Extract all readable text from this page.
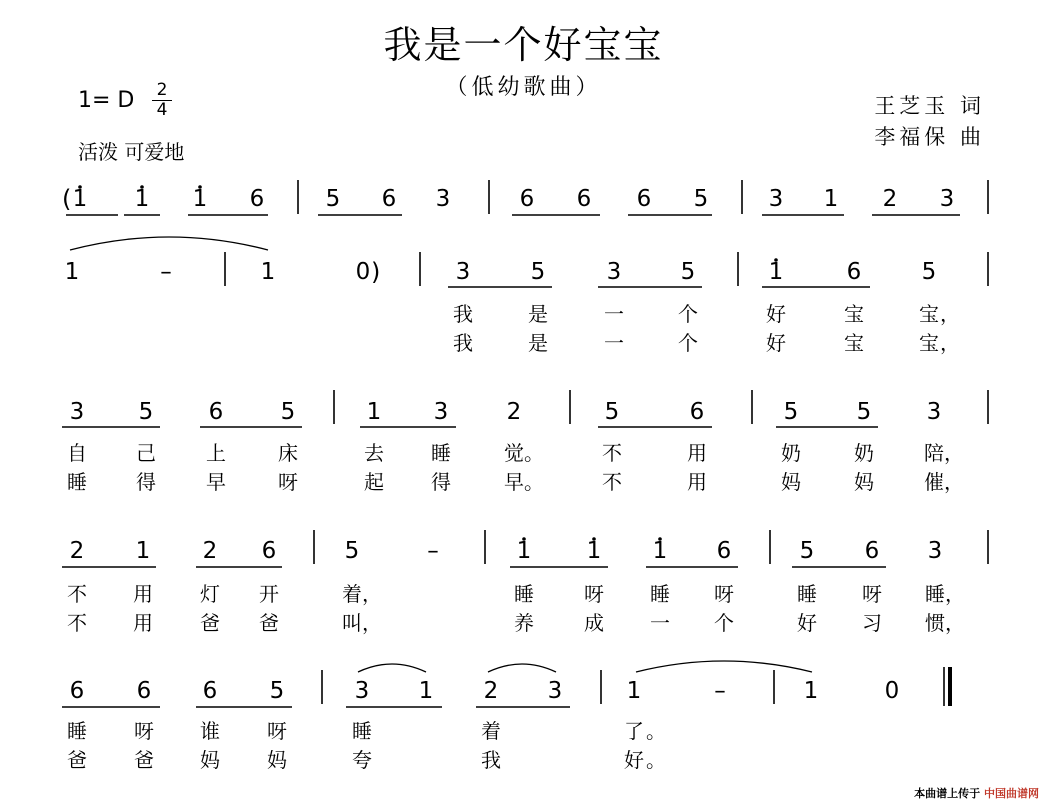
我是一个好宝宝
（低幼歌曲）
1= D 2
4
活泼 可爱地
王芝玉 词
李福保 曲
( 1 1 1 6	5 6 3	6 6 6 5	3 1 2 3
1	–	1	0	3	5	3	5	1	6	5
)
我	是	一	个	好	宝	宝 ，
我	是	一	个	好	宝	宝 ，
3 5 6 5	1 3	2	5	6	5	5 3
自 己	上	床	去 睡	觉	不	用	奶	奶	陪
。	，
睡 得	早	呀	起 得	早	不	用	妈	妈	催
。	，
2 1 2 6	5	–	1 1 1 6	5 6 3
不 用 灯 开	着	睡	呀 睡 呀	睡 呀 睡
，	，
不 用 爸 爸	叫	养	成 一 个	好 习 惯
，	，
6 6 6 5	3 1 2 3	1	–	1	0
睡 呀 谁 呀	睡	着	了 。
爸 爸 妈 妈	夸	我	好 。
本曲谱上传于 中国曲谱网
